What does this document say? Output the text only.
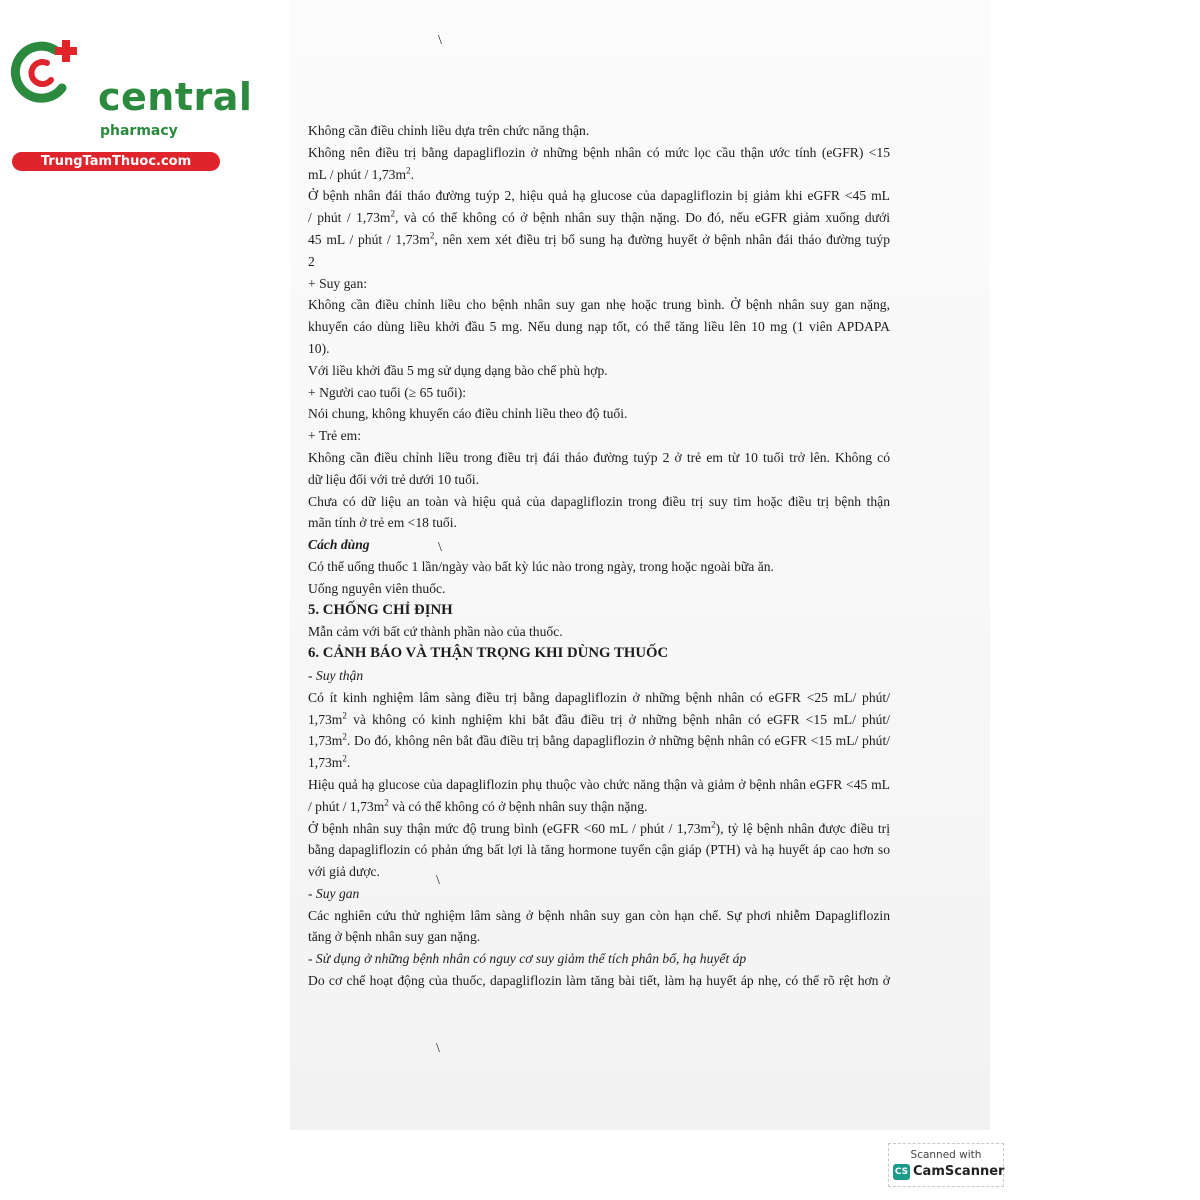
central
pharmacy
TrungTamThuoc.com
\
\
\
\

Không cần điều chỉnh liều dựa trên chức năng thận.

Không nên điều trị bằng dapagliflozin ở những bệnh nhân có mức lọc cầu thận ước tính (eGFR) <15

mL / phút / $1,73m^2$.

Ở bệnh nhân đái tháo đường tuýp 2, hiệu quả hạ glucose của dapagliflozin bị giảm khi eGFR <45 mL

/ phút / $1,73m^2$, và có thể không có ở bệnh nhân suy thận nặng. Do đó, nếu eGFR giảm xuống dưới

45 mL / phút / $1,73m^2$, nên xem xét điều trị bổ sung hạ đường huyết ở bệnh nhân đái tháo đường tuýp

2

+ Suy gan:

Không cần điều chỉnh liều cho bệnh nhân suy gan nhẹ hoặc trung bình. Ở bệnh nhân suy gan nặng,

khuyến cáo dùng liều khởi đầu 5 mg. Nếu dung nạp tốt, có thể tăng liều lên 10 mg (1 viên APDAPA

10).

Với liều khởi đầu 5 mg sử dụng dạng bào chế phù hợp.

+ Người cao tuổi (≥ 65 tuổi):

Nói chung, không khuyến cáo điều chỉnh liều theo độ tuổi.

+ Trẻ em:

Không cần điều chỉnh liều trong điều trị đái tháo đường tuýp 2 ở trẻ em từ 10 tuổi trở lên. Không có

dữ liệu đối với trẻ dưới 10 tuổi.

Chưa có dữ liệu an toàn và hiệu quả của dapagliflozin trong điều trị suy tim hoặc điều trị bệnh thận

mãn tính ở trẻ em <18 tuổi.

Cách dùng

Có thể uống thuốc 1 lần/ngày vào bất kỳ lúc nào trong ngày, trong hoặc ngoài bữa ăn.

Uống nguyên viên thuốc.

5. CHỐNG CHỈ ĐỊNH

Mẫn cảm với bất cứ thành phần nào của thuốc.

6. CẢNH BÁO VÀ THẬN TRỌNG KHI DÙNG THUỐC

- Suy thận

Có ít kinh nghiệm lâm sàng điều trị bằng dapagliflozin ở những bệnh nhân có eGFR <25 mL/ phút/

$1,73m^2$ và không có kinh nghiệm khi bắt đầu điều trị ở những bệnh nhân có eGFR <15 mL/ phút/

$1,73m^2$. Do đó, không nên bắt đầu điều trị bằng dapagliflozin ở những bệnh nhân có eGFR <15 mL/ phút/

$1,73m^2$.

Hiệu quả hạ glucose của dapagliflozin phụ thuộc vào chức năng thận và giảm ở bệnh nhân eGFR <45 mL

/ phút / $1,73m^2$ và có thể không có ở bệnh nhân suy thận nặng.

Ở bệnh nhân suy thận mức độ trung bình (eGFR <60 mL / phút / $1,73m^2$), tỷ lệ bệnh nhân được điều trị

bằng dapagliflozin có phản ứng bất lợi là tăng hormone tuyến cận giáp (PTH) và hạ huyết áp cao hơn so

với giả dược.

- Suy gan

Các nghiên cứu thử nghiệm lâm sàng ở bệnh nhân suy gan còn hạn chế. Sự phơi nhiễm Dapagliflozin

tăng ở bệnh nhân suy gan nặng.

- Sử dụng ở những bệnh nhân có nguy cơ suy giảm thể tích phân bố, hạ huyết áp

Do cơ chế hoạt động của thuốc, dapagliflozin làm tăng bài tiết, làm hạ huyết áp nhẹ, có thể rõ rệt hơn ở

Scanned with
CS CamScanner
